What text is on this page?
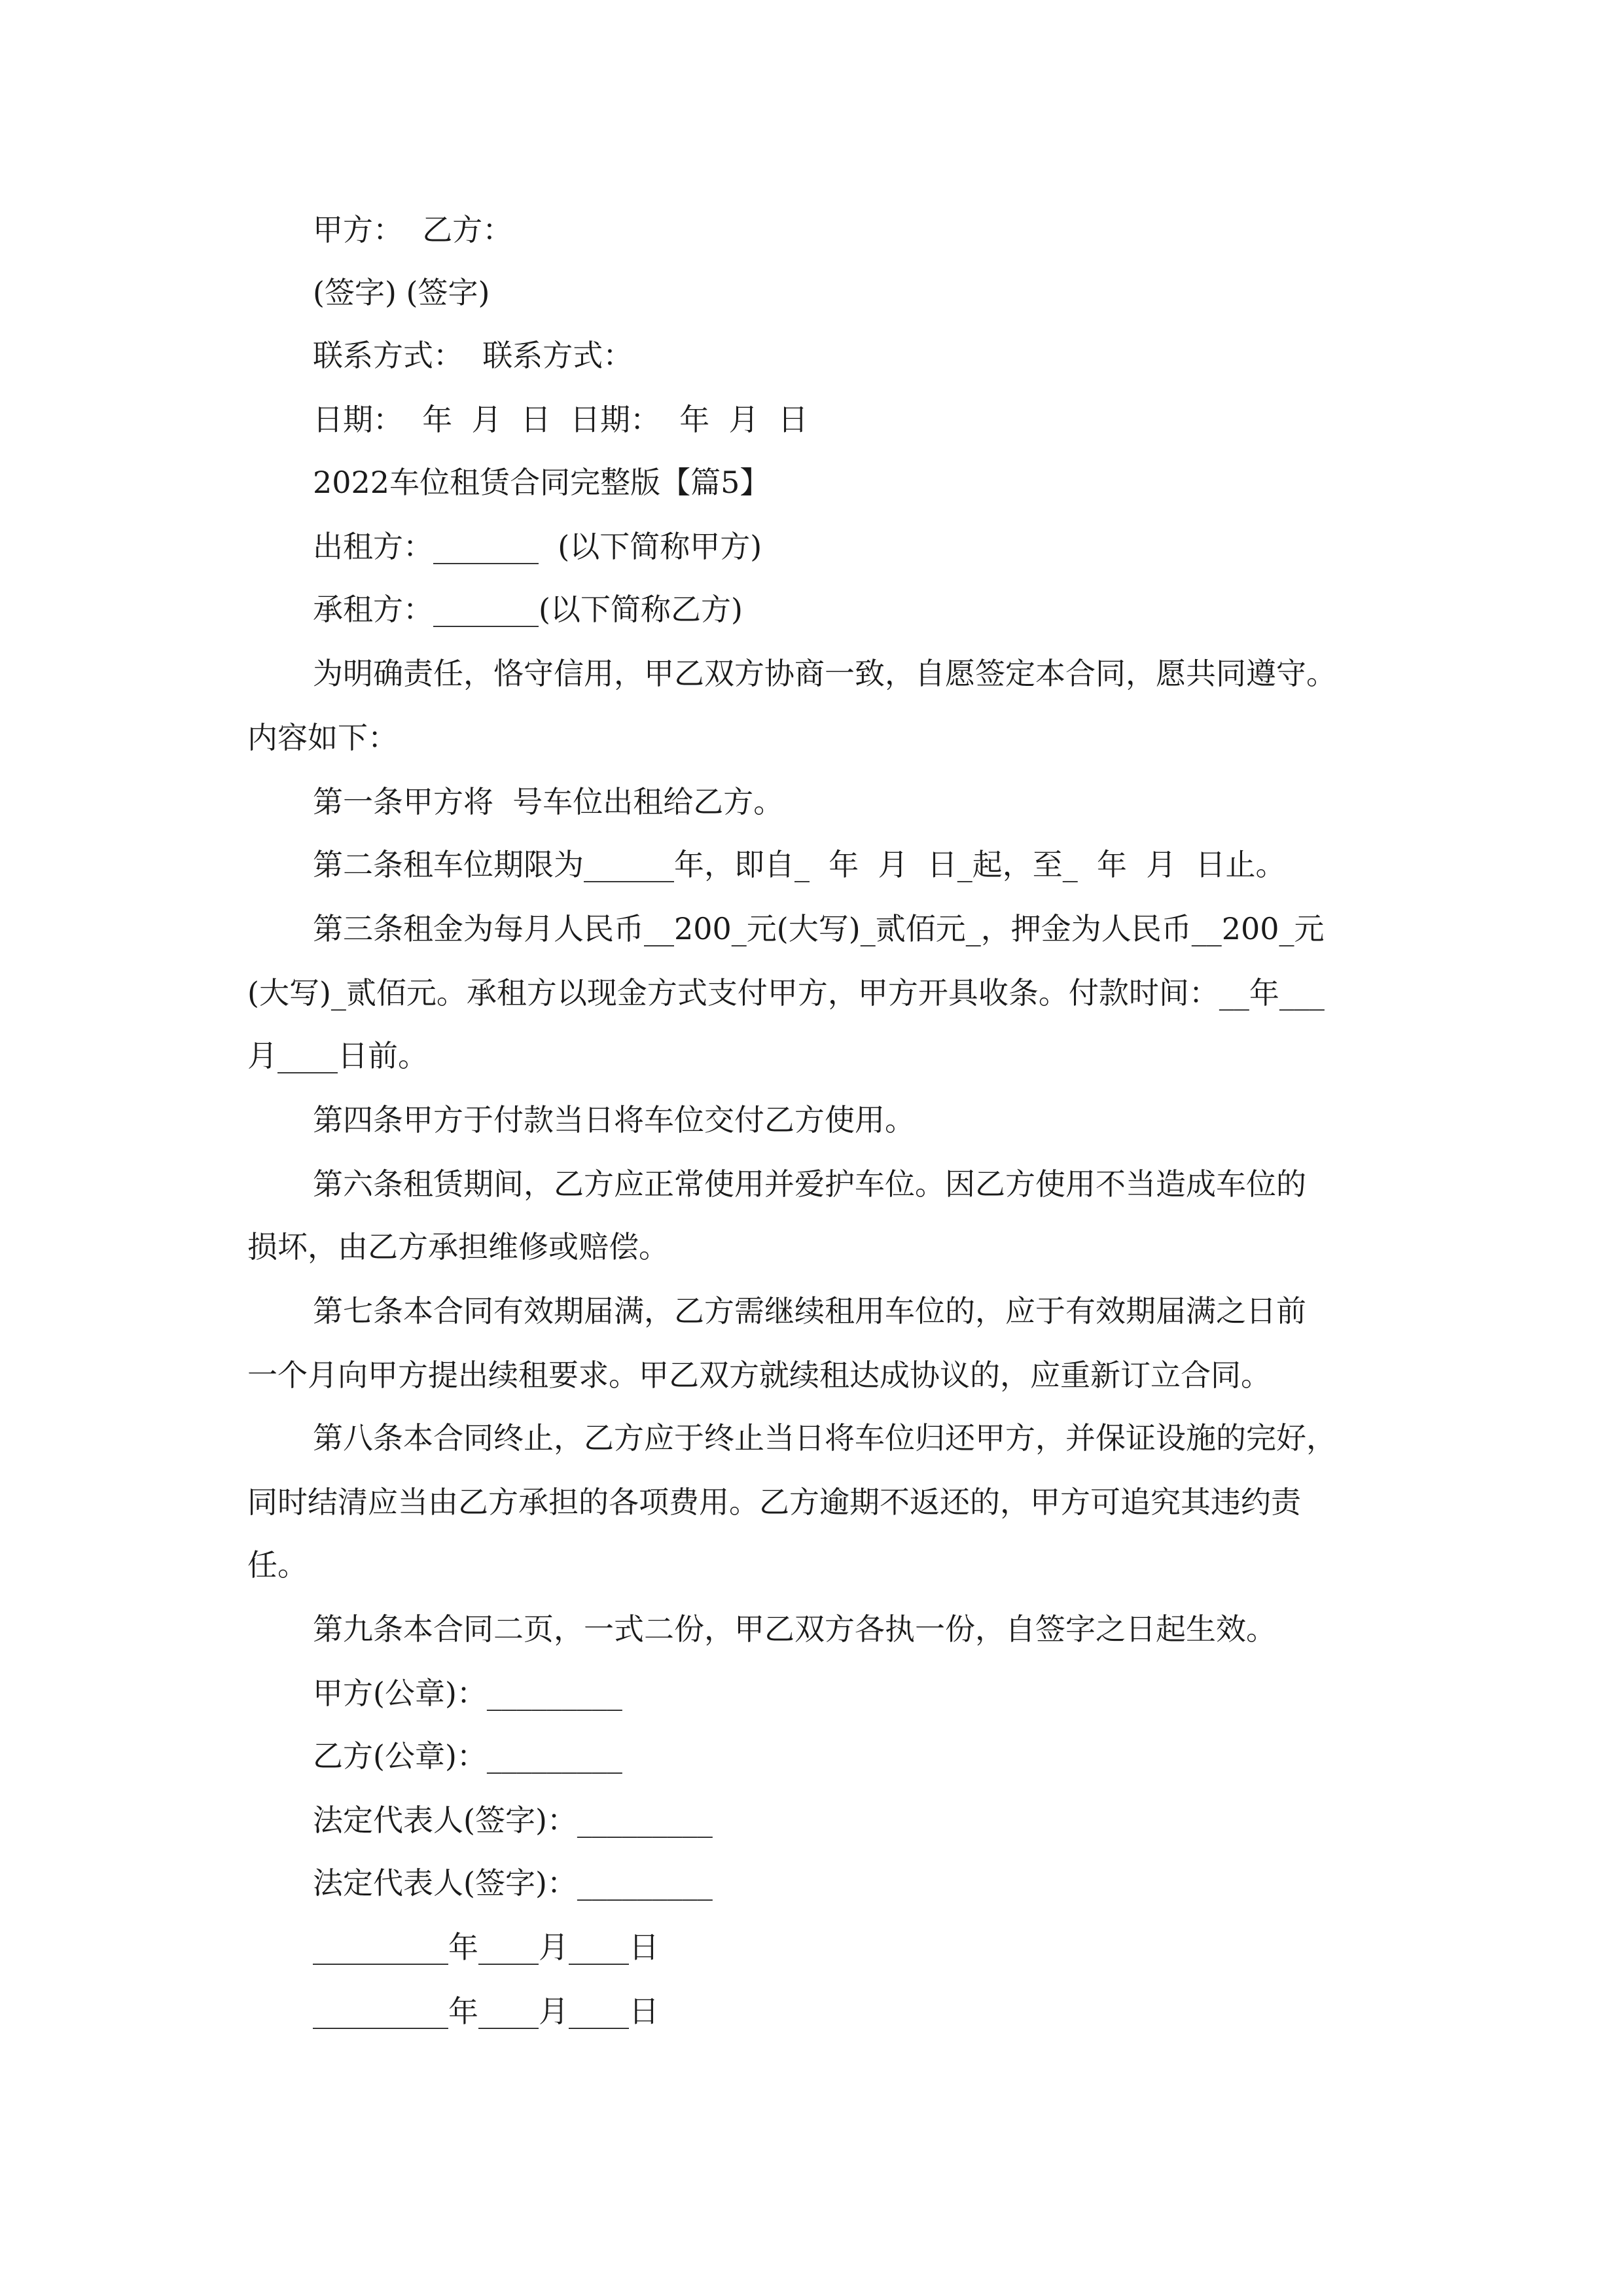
甲方：  乙方：

(签字) (签字)

联系方式：  联系方式：

日期：  年  月  日  日期：  年  月  日

2022车位租赁合同完整版【篇5】

出租方：_______  (以下简称甲方)

承租方：_______(以下简称乙方)

为明确责任，恪守信用，甲乙双方协商一致，自愿签定本合同，愿共同遵守。

内容如下：

第一条甲方将  号车位出租给乙方。

第二条租车位期限为______年，即自_  年  月  日_起，至_  年  月  日止。

第三条租金为每月人民币__200_元(大写)_贰佰元_，押金为人民币__200_元

(大写)_贰佰元。承租方以现金方式支付甲方，甲方开具收条。付款时间：__年___

月____日前。

第四条甲方于付款当日将车位交付乙方使用。

第六条租赁期间，乙方应正常使用并爱护车位。因乙方使用不当造成车位的

损坏，由乙方承担维修或赔偿。

第七条本合同有效期届满，乙方需继续租用车位的，应于有效期届满之日前

一个月向甲方提出续租要求。甲乙双方就续租达成协议的，应重新订立合同。

第八条本合同终止，乙方应于终止当日将车位归还甲方，并保证设施的完好，

同时结清应当由乙方承担的各项费用。乙方逾期不返还的，甲方可追究其违约责

任。

第九条本合同二页，一式二份，甲乙双方各执一份，自签字之日起生效。

甲方(公章)：_________

乙方(公章)：_________

法定代表人(签字)：_________

法定代表人(签字)：_________

_________年____月____日

_________年____月____日
